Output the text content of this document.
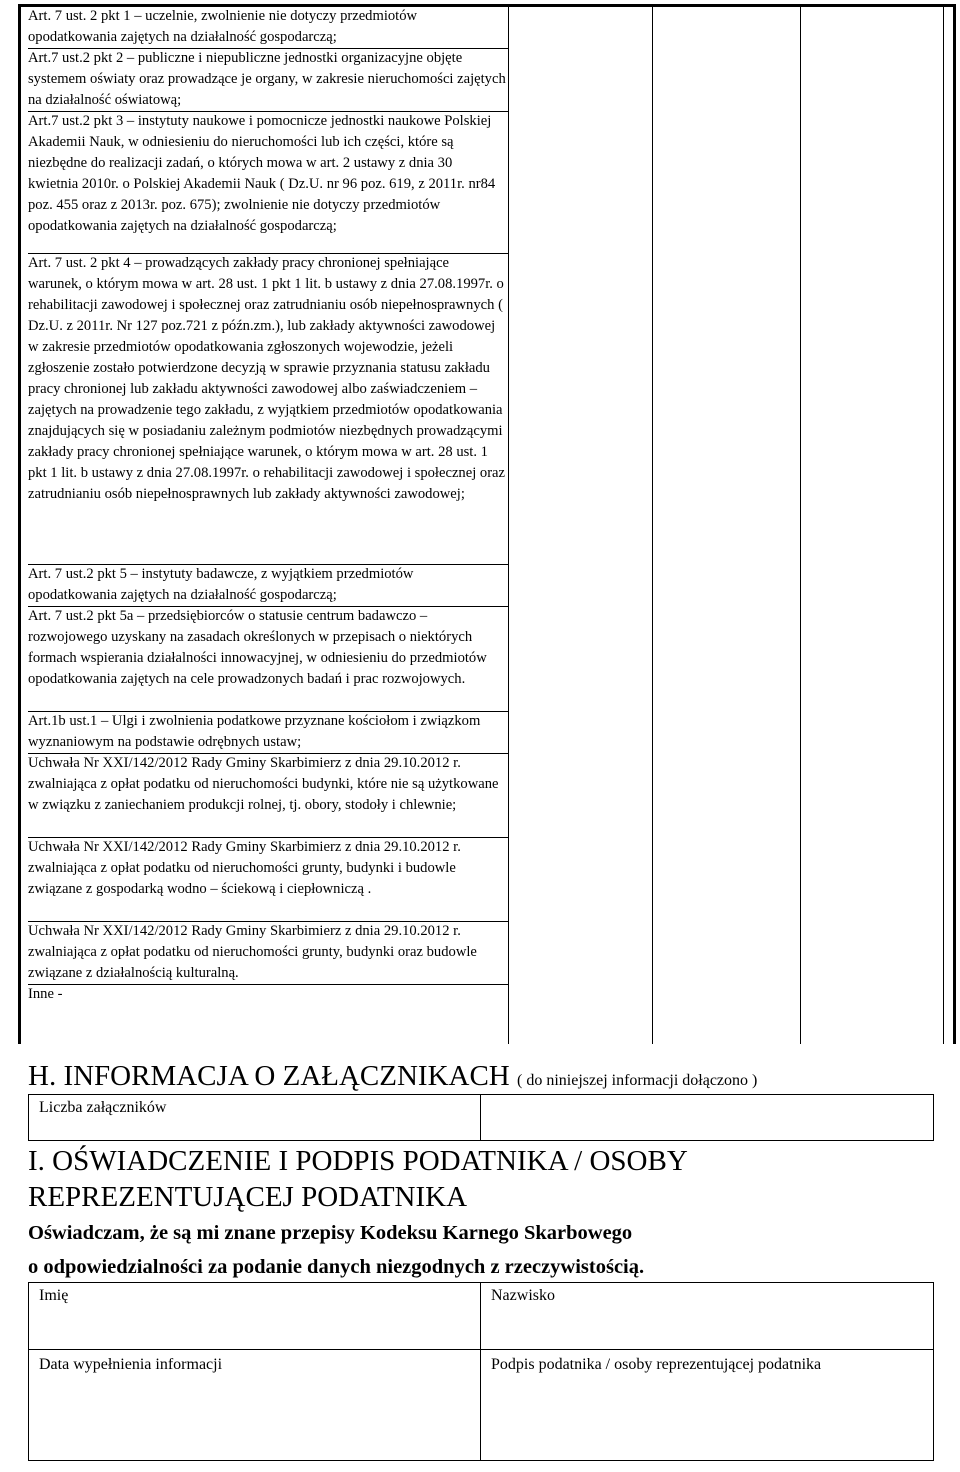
Art. 7 ust. 2 pkt 1 – uczelnie, zwolnienie nie dotyczy przedmiotów opodatkowania zajętych na działalność gospodarczą;

Art.7 ust.2 pkt 2 – publiczne i niepubliczne jednostki organizacyjne objęte systemem oświaty oraz prowadzące je organy, w zakresie nieruchomości zajętych na działalność oświatową;

Art.7 ust.2 pkt 3 – instytuty naukowe i pomocnicze jednostki naukowe Polskiej Akademii Nauk, w odniesieniu do nieruchomości lub ich części, które są niezbędne do realizacji zadań, o których mowa w art. 2 ustawy z dnia 30 kwietnia 2010r. o Polskiej Akademii Nauk ( Dz.U. nr 96 poz. 619, z 2011r. nr84 poz. 455 oraz z 2013r. poz. 675); zwolnienie nie dotyczy przedmiotów opodatkowania zajętych na działalność gospodarczą;

Art. 7 ust. 2 pkt 4 – prowadzących zakłady pracy chronionej spełniające warunek, o którym mowa w art. 28 ust. 1 pkt 1 lit. b ustawy z dnia 27.08.1997r. o rehabilitacji zawodowej i społecznej oraz zatrudnianiu osób niepełnosprawnych ( Dz.U. z 2011r. Nr 127 poz.721 z późn.zm.), lub zakłady aktywności zawodowej w zakresie przedmiotów opodatkowania zgłoszonych wojewodzie, jeżeli zgłoszenie zostało potwierdzone decyzją w sprawie przyznania statusu zakładu pracy chronionej lub zakładu aktywności zawodowej albo zaświadczeniem – zajętych na prowadzenie tego zakładu, z wyjątkiem przedmiotów opodatkowania znajdujących się w posiadaniu zależnym podmiotów niezbędnych prowadzącymi zakłady pracy chronionej spełniające warunek, o którym mowa w art. 28 ust. 1 pkt 1 lit. b ustawy z dnia 27.08.1997r. o rehabilitacji zawodowej i społecznej oraz zatrudnianiu osób niepełnosprawnych lub zakłady aktywności zawodowej;

Art. 7 ust.2 pkt 5 – instytuty badawcze, z wyjątkiem przedmiotów opodatkowania zajętych na działalność gospodarczą;

Art. 7 ust.2 pkt 5a – przedsiębiorców o statusie centrum badawczo – rozwojowego uzyskany na zasadach określonych w przepisach o niektórych formach wspierania działalności innowacyjnej, w odniesieniu do przedmiotów opodatkowania zajętych na cele prowadzonych badań i prac rozwojowych.

Art.1b ust.1 – Ulgi i zwolnienia podatkowe przyznane kościołom i związkom wyznaniowym na podstawie odrębnych ustaw;

Uchwała Nr XXI/142/2012 Rady Gminy Skarbimierz z dnia 29.10.2012 r. zwalniająca z opłat podatku od nieruchomości budynki, które nie są użytkowane w związku z zaniechaniem produkcji rolnej, tj. obory, stodoły i chlewnie;

Uchwała Nr XXI/142/2012 Rady Gminy Skarbimierz z dnia 29.10.2012 r. zwalniająca z opłat podatku od nieruchomości grunty, budynki i budowle związane z gospodarką wodno – ściekową i ciepłowniczą .

Uchwała Nr XXI/142/2012 Rady Gminy Skarbimierz z dnia 29.10.2012 r. zwalniająca z opłat podatku od nieruchomości grunty, budynki oraz budowle związane z działalnością kulturalną.

Inne -

H. INFORMACJA O ZAŁĄCZNIKACH ( do niniejszej informacji dołączono )
Liczba załączników
I. OŚWIADCZENIE I PODPIS PODATNIKA / OSOBY REPREZENTUJĄCEJ PODATNIKA
Oświadczam, że są mi znane przepisy Kodeksu Karnego Skarbowego
o odpowiedzialności za podanie danych niezgodnych z rzeczywistością.
Imię	Nazwisko
Data wypełnienia informacji	Podpis podatnika / osoby reprezentującej podatnika
